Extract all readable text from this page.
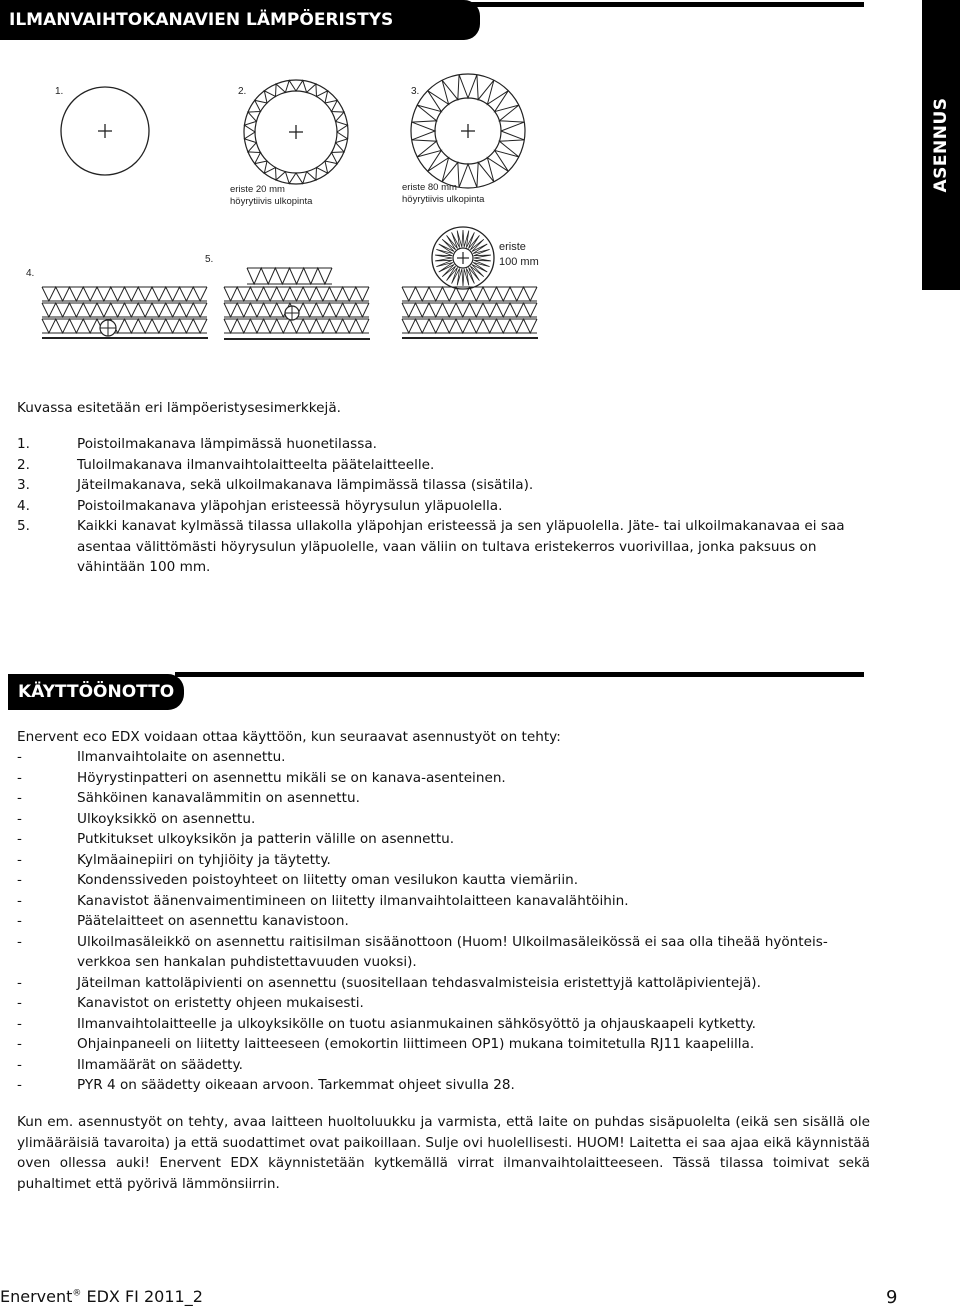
ILMANVAIHTOKANAVIEN LÄMPÖERISTYS
ASENNUS
1.	2.	3.
4.
5.
eriste 20 mm
höyrytiivis ulkopinta
eriste 80 mm
höyrytiivis ulkopinta
eriste
100 mm
Kuvassa esitetään eri lämpöeristysesimerkkejä.
1.	Poistoilmakanava lämpimässä huonetilassa.
2.	Tuloilmakanava ilmanvaihtolaitteelta päätelaitteelle.
3.	Jäteilmakanava, sekä ulkoilmakanava lämpimässä tilassa (sisätila).
4.	Poistoilmakanava yläpohjan eristeessä höyrysulun yläpuolella.
5.	Kaikki kanavat kylmässä tilassa ullakolla yläpohjan eristeessä ja sen yläpuolella. Jäte- tai ulkoilmakanavaa ei saa asentaa välittömästi höyrysulun yläpuolelle, vaan väliin on tultava eristekerros vuorivillaa, jonka paksuus on vähintään 100 mm.
KÄYTTÖÖNOTTO
Enervent eco EDX voidaan ottaa käyttöön, kun seuraavat asennustyöt on tehty:
-	Ilmanvaihtolaite on asennettu.
-	Höyrystinpatteri on asennettu mikäli se on kanava-asenteinen.
-	Sähköinen kanavalämmitin on asennettu.
-	Ulkoyksikkö on asennettu.
-	Putkitukset ulkoyksikön ja patterin välille on asennettu.
-	Kylmäainepiiri on tyhjiöity ja täytetty.
-	Kondenssiveden poistoyhteet on liitetty oman vesilukon kautta viemäriin.
-	Kanavistot äänenvaimentimineen on liitetty ilmanvaihtolaitteen kanavalähtöihin.
-	Päätelaitteet on asennettu kanavistoon.
-	Ulkoilmasäleikkö on asennettu raitisilman sisäänottoon (Huom! Ulkoilmasäleikössä ei saa olla tiheää hyönteis-verkkoa sen hankalan puhdistettavuuden vuoksi).
-	Jäteilman kattoläpivienti on asennettu (suositellaan tehdasvalmisteisia eristettyjä kattoläpivientejä).
-	Kanavistot on eristetty ohjeen mukaisesti.
-	Ilmanvaihtolaitteelle ja ulkoyksikölle on tuotu asianmukainen sähkösyöttö ja ohjauskaapeli kytketty.
-	Ohjainpaneeli on liitetty laitteeseen (emokortin liittimeen OP1) mukana toimitetulla RJ11 kaapelilla.
-	Ilmamäärät on säädetty.
-	PYR 4 on säädetty oikeaan arvoon. Tarkemmat ohjeet sivulla 28.
Kun em. asennustyöt on tehty, avaa laitteen huoltoluukku ja varmista, että laite on puhdas sisäpuolelta (eikä sen sisällä ole ylimääräisiä tavaroita) ja että suodattimet ovat paikoillaan. Sulje ovi huolellisesti. HUOM! Laitetta ei saa ajaa eikä käynnistää oven ollessa auki! Enervent EDX käynnistetään kytkemällä virrat ilmanvaihtolaitteeseen. Tässä tilassa toimivat sekä puhaltimet että pyörivä lämmönsiirrin.
Enervent® EDX FI 2011_2	9
